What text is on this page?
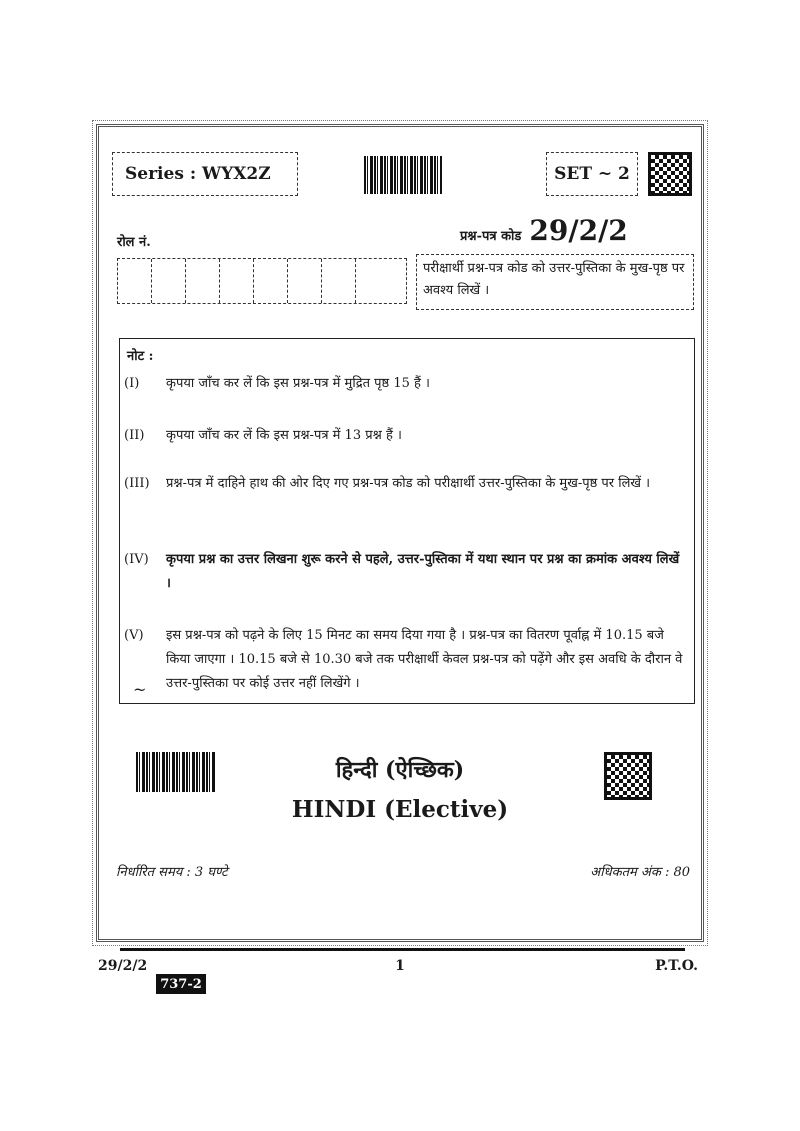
Series : WYX2Z	SET ~ 2
प्रश्न-पत्र कोड 29/2/2
रोल नं.
परीक्षार्थी प्रश्न-पत्र कोड को उत्तर-पुस्तिका के मुख-पृष्ठ पर अवश्य लिखें ।
नोट :
(I)	कृपया जाँच कर लें कि इस प्रश्न-पत्र में मुद्रित पृष्ठ 15 हैं ।
(II)	कृपया जाँच कर लें कि इस प्रश्न-पत्र में 13 प्रश्न हैं ।
(III)	प्रश्न-पत्र में दाहिने हाथ की ओर दिए गए प्रश्न-पत्र कोड को परीक्षार्थी उत्तर-पुस्तिका के मुख-पृष्ठ पर लिखें ।
(IV)	कृपया प्रश्न का उत्तर लिखना शुरू करने से पहले, उत्तर-पुस्तिका में यथा स्थान पर प्रश्न का क्रमांक अवश्य लिखें ।
(V)	इस प्रश्न-पत्र को पढ़ने के लिए 15 मिनट का समय दिया गया है । प्रश्न-पत्र का वितरण पूर्वाह्न में 10.15 बजे किया जाएगा । 10.15 बजे से 10.30 बजे तक परीक्षार्थी केवल प्रश्न-पत्र को पढ़ेंगे और इस अवधि के दौरान वे उत्तर-पुस्तिका पर कोई उत्तर नहीं लिखेंगे ।
~
हिन्दी (ऐच्छिक)
HINDI (Elective)
निर्धारित समय : 3 घण्टे	अधिकतम अंक : 80
29/2/2	1	P.T.O.
737-2
